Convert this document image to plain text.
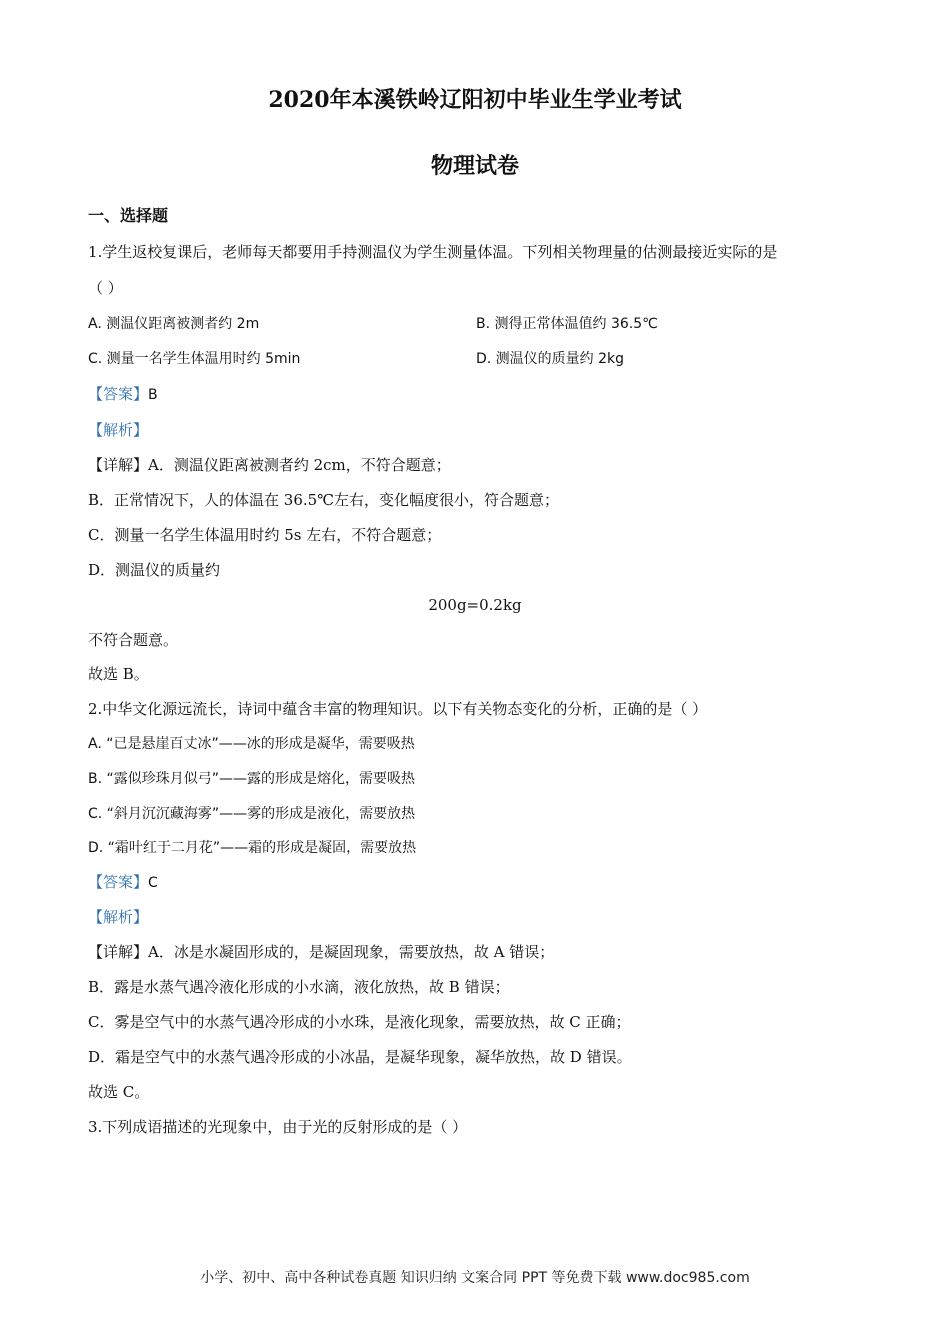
2020年本溪铁岭辽阳初中毕业生学业考试
物理试卷
一、选择题
1.学生返校复课后，老师每天都要用手持测温仪为学生测量体温。下列相关物理量的估测最接近实际的是
（ ）
A. 测温仪距离被测者约 2m	B. 测得正常体温值约 36.5℃
C. 测量一名学生体温用时约 5min	D. 测温仪的质量约 2kg
【答案】B
【解析】
【详解】A．测温仪距离被测者约 2cm，不符合题意；
B．正常情况下，人的体温在 36.5℃左右，变化幅度很小，符合题意；
C．测量一名学生体温用时约 5s 左右，不符合题意；
D．测温仪的质量约
200g=0.2kg
不符合题意。
故选 B。
2.中华文化源远流长，诗词中蕴含丰富的物理知识。以下有关物态变化的分析，正确的是（ ）
A. “已是悬崖百丈冰”——冰的形成是凝华，需要吸热
B. “露似珍珠月似弓”——露的形成是熔化，需要吸热
C. “斜月沉沉藏海雾”——雾的形成是液化，需要放热
D. “霜叶红于二月花”——霜的形成是凝固，需要放热
【答案】C
【解析】
【详解】A．冰是水凝固形成的，是凝固现象，需要放热，故 A 错误；
B．露是水蒸气遇冷液化形成的小水滴，液化放热，故 B 错误；
C．雾是空气中的水蒸气遇冷形成的小水珠，是液化现象，需要放热，故 C 正确；
D．霜是空气中的水蒸气遇冷形成的小冰晶，是凝华现象，凝华放热，故 D 错误。
故选 C。
3.下列成语描述的光现象中，由于光的反射形成的是（ ）
小学、初中、高中各种试卷真题 知识归纳 文案合同 PPT 等免费下载 www.doc985.com
